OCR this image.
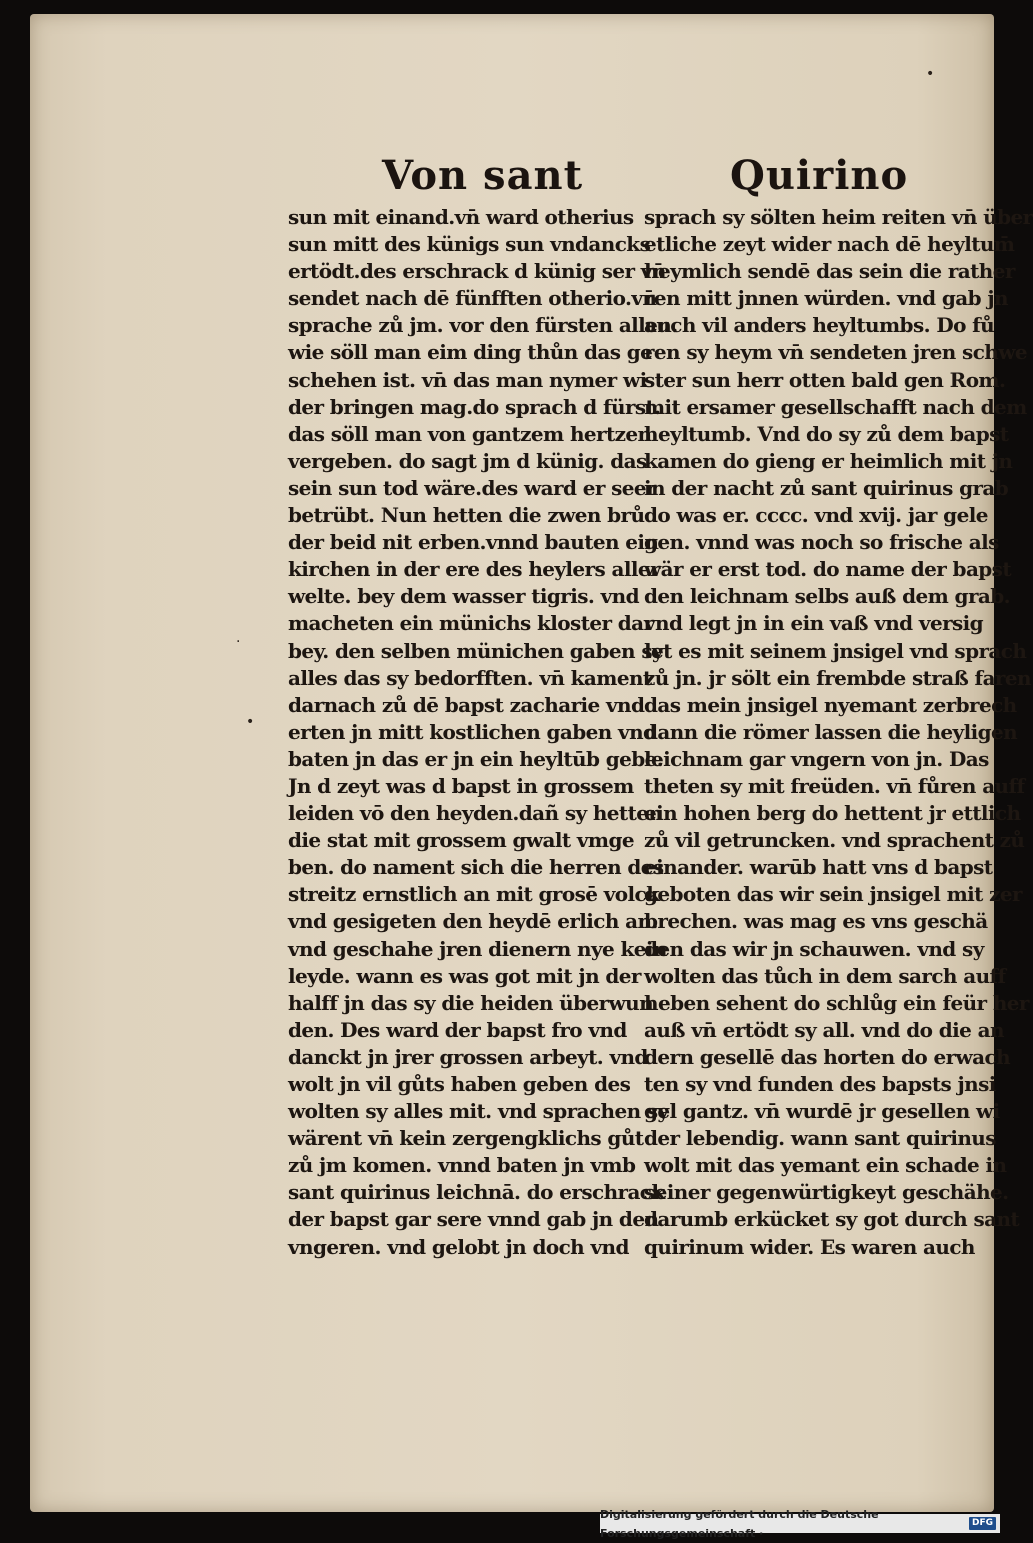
Von sant	Quirino
sun mit einand.vn̄ ward otherius
sun mitt des künigs sun vndancks
ertödt.des erschrack d künig ser vn̄
sendet nach dē fünfften otherio.vn̄
sprache zů jm. vor den fürsten allen.
wie söll man eim ding thůn das ge
schehen ist. vn̄ das man nymer wi
der bringen mag.do sprach d fürst.
das söll man von gantzem hertzen
vergeben. do sagt jm d künig. das
sein sun tod wäre.des ward er seer
betrübt. Nun hetten die zwen brů
der beid nit erben.vnnd bauten ein
kirchen in der ere des heylers aller
welte. bey dem wasser tigris. vnd
macheten ein münichs kloster dar
bey. den selben münichen gaben sy
alles das sy bedorfften. vn̄ kament
darnach zů dē bapst zacharie vnd
erten jn mitt kostlichen gaben vnd
baten jn das er jn ein heyltūb gebe.
Jn d zeyt was d bapst in grossem
leiden vō den heyden.dañ sy hetten
die stat mit grossem gwalt vmge
ben. do nament sich die herren des
streitz ernstlich an mit grosē volck
vnd gesigeten den heydē erlich an.
vnd geschahe jren dienern nye kein
leyde. wann es was got mit jn der
halff jn das sy die heiden überwun
den. Des ward der bapst fro vnd
danckt jn jrer grossen arbeyt. vnd
wolt jn vil gůts haben geben des
wolten sy alles mit. vnd sprachen sy
wärent vn̄ kein zergengklichs gůt
zů jm komen. vnnd baten jn vmb
sant quirinus leichnā. do erschrack
der bapst gar sere vnnd gab jn den
vngeren. vnd gelobt jn doch vnd
sprach sy sölten heim reiten vn̄ über
etliche zeyt wider nach dē heyltum̄
heymlich sendē das sein die rather
ren mitt jnnen würden. vnd gab jn
auch vil anders heyltumbs. Do fů
ren sy heym vn̄ sendeten jren schwe
ster sun herr otten bald gen Rom.
mit ersamer gesellschafft nach dem
heyltumb. Vnd do sy zů dem bapst
kamen do gieng er heimlich mit jn
in der nacht zů sant quirinus grab
do was er. cccc. vnd xvij. jar gele
gen. vnnd was noch so frische als
wär er erst tod. do name der bapst
den leichnam selbs auß dem grab.
vnd legt jn in ein vaß vnd versig
let es mit seinem jnsigel vnd sprach
zů jn. jr sölt ein frembde straß faren
das mein jnsigel nyemant zerbrech
dann die römer lassen die heyligen
leichnam gar vngern von jn. Das
theten sy mit freüden. vn̄ fůren auff
ein hohen berg do hettent jr ettlich
zů vil getruncken. vnd sprachent zů
einander. warūb hatt vns d bapst
geboten das wir sein jnsigel mit zer
brechen. was mag es vns geschä
den das wir jn schauwen. vnd sy
wolten das tůch in dem sarch auff
heben sehent do schlůg ein feür her
auß vn̄ ertödt sy all. vnd do die an
dern gesellē das horten do erwach
ten sy vnd funden des bapsts jnsi
gel gantz. vn̄ wurdē jr gesellen wi
der lebendig. wann sant quirinus
wolt mit das yemant ein schade in
seiner gegenwürtigkeyt geschähe.
darumb erkücket sy got durch sant
quirinum wider. Es waren auch
•
·
•
Digitalisierung gefördert durch die Deutsche Forschungsgemeinschaft ·
DFG
